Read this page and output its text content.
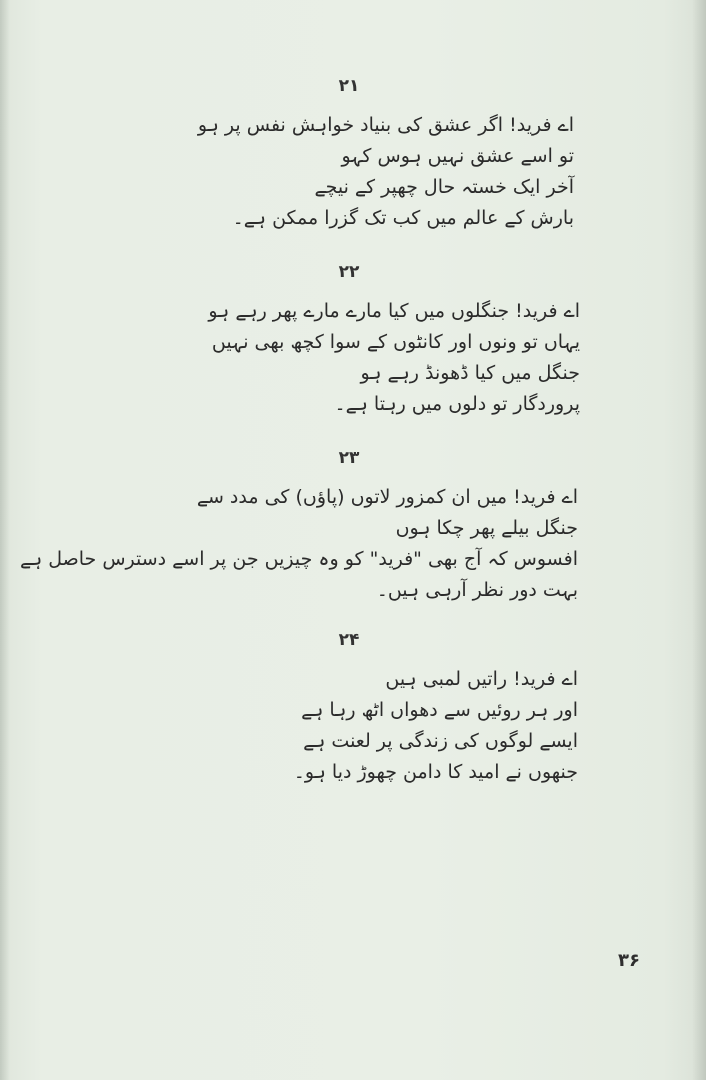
۲۱
اے فرید! اگر عشق کی بنیاد خواہش نفس پر ہو
تو اسے عشق نہیں ہوس کہو
آخر ایک خستہ حال چھپر کے نیچے
بارش کے عالم میں کب تک گزرا ممکن ہے۔
۲۲
اے فرید! جنگلوں میں کیا مارے مارے پھر رہے ہو
یہاں تو ونوں اور کانٹوں کے سوا کچھ بھی نہیں
جنگل میں کیا ڈھونڈ رہے ہو
پروردگار تو دلوں میں رہتا ہے۔
۲۳
اے فرید! میں ان کمزور لاتوں (پاؤں) کی مدد سے
جنگل بیلے پھر چکا ہوں
افسوس کہ آج بھی "فرید" کو وہ چیزیں جن پر اسے دسترس حاصل ہے
بہت دور نظر آرہی ہیں۔
۲۴
اے فرید! راتیں لمبی ہیں
اور ہر روئیں سے دھواں اٹھ رہا ہے
ایسے لوگوں کی زندگی پر لعنت ہے
جنھوں نے امید کا دامن چھوڑ دیا ہو۔
۳۶
